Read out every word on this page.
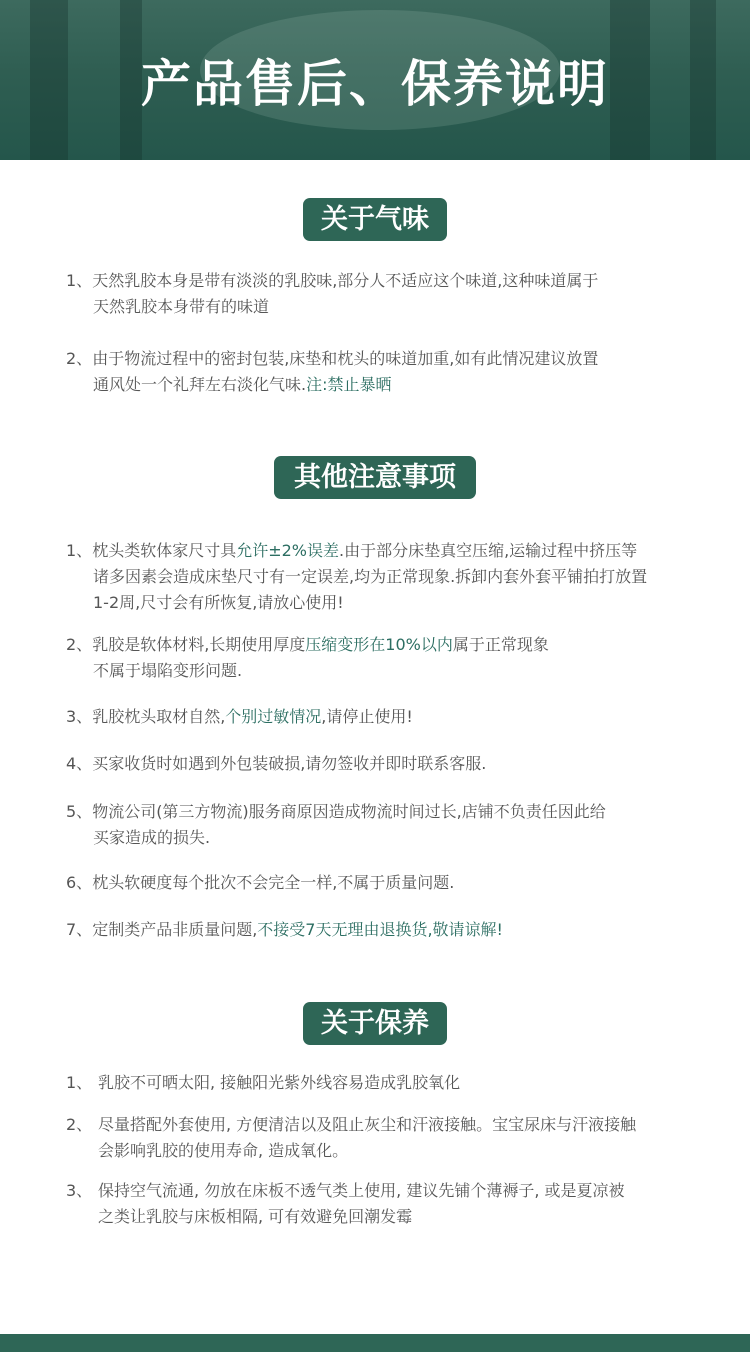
产品售后、保养说明
关于气味
1、天然乳胶本身是带有淡淡的乳胶味,部分人不适应这个味道,这种味道属于
天然乳胶本身带有的味道
2、由于物流过程中的密封包装,床垫和枕头的味道加重,如有此情况建议放置
通风处一个礼拜左右淡化气味.注:禁止暴晒
其他注意事项
1、枕头类软体家尺寸具允许±2%误差.由于部分床垫真空压缩,运输过程中挤压等
诸多因素会造成床垫尺寸有一定误差,均为正常现象.拆卸内套外套平铺拍打放置
1-2周,尺寸会有所恢复,请放心使用!
2、乳胶是软体材料,长期使用厚度压缩变形在10%以内属于正常现象
不属于塌陷变形问题.
3、乳胶枕头取材自然,个别过敏情况,请停止使用!
4、买家收货时如遇到外包装破损,请勿签收并即时联系客服.
5、物流公司(第三方物流)服务商原因造成物流时间过长,店铺不负责任因此给
买家造成的损失.
6、枕头软硬度每个批次不会完全一样,不属于质量问题.
7、定制类产品非质量问题,不接受7天无理由退换货,敬请谅解!
关于保养
1、 乳胶不可晒太阳, 接触阳光紫外线容易造成乳胶氧化
2、 尽量搭配外套使用, 方便清洁以及阻止灰尘和汗液接触。宝宝尿床与汗液接触
会影响乳胶的使用寿命, 造成氧化。
3、 保持空气流通, 勿放在床板不透气类上使用, 建议先铺个薄褥子, 或是夏凉被
之类让乳胶与床板相隔, 可有效避免回潮发霉
